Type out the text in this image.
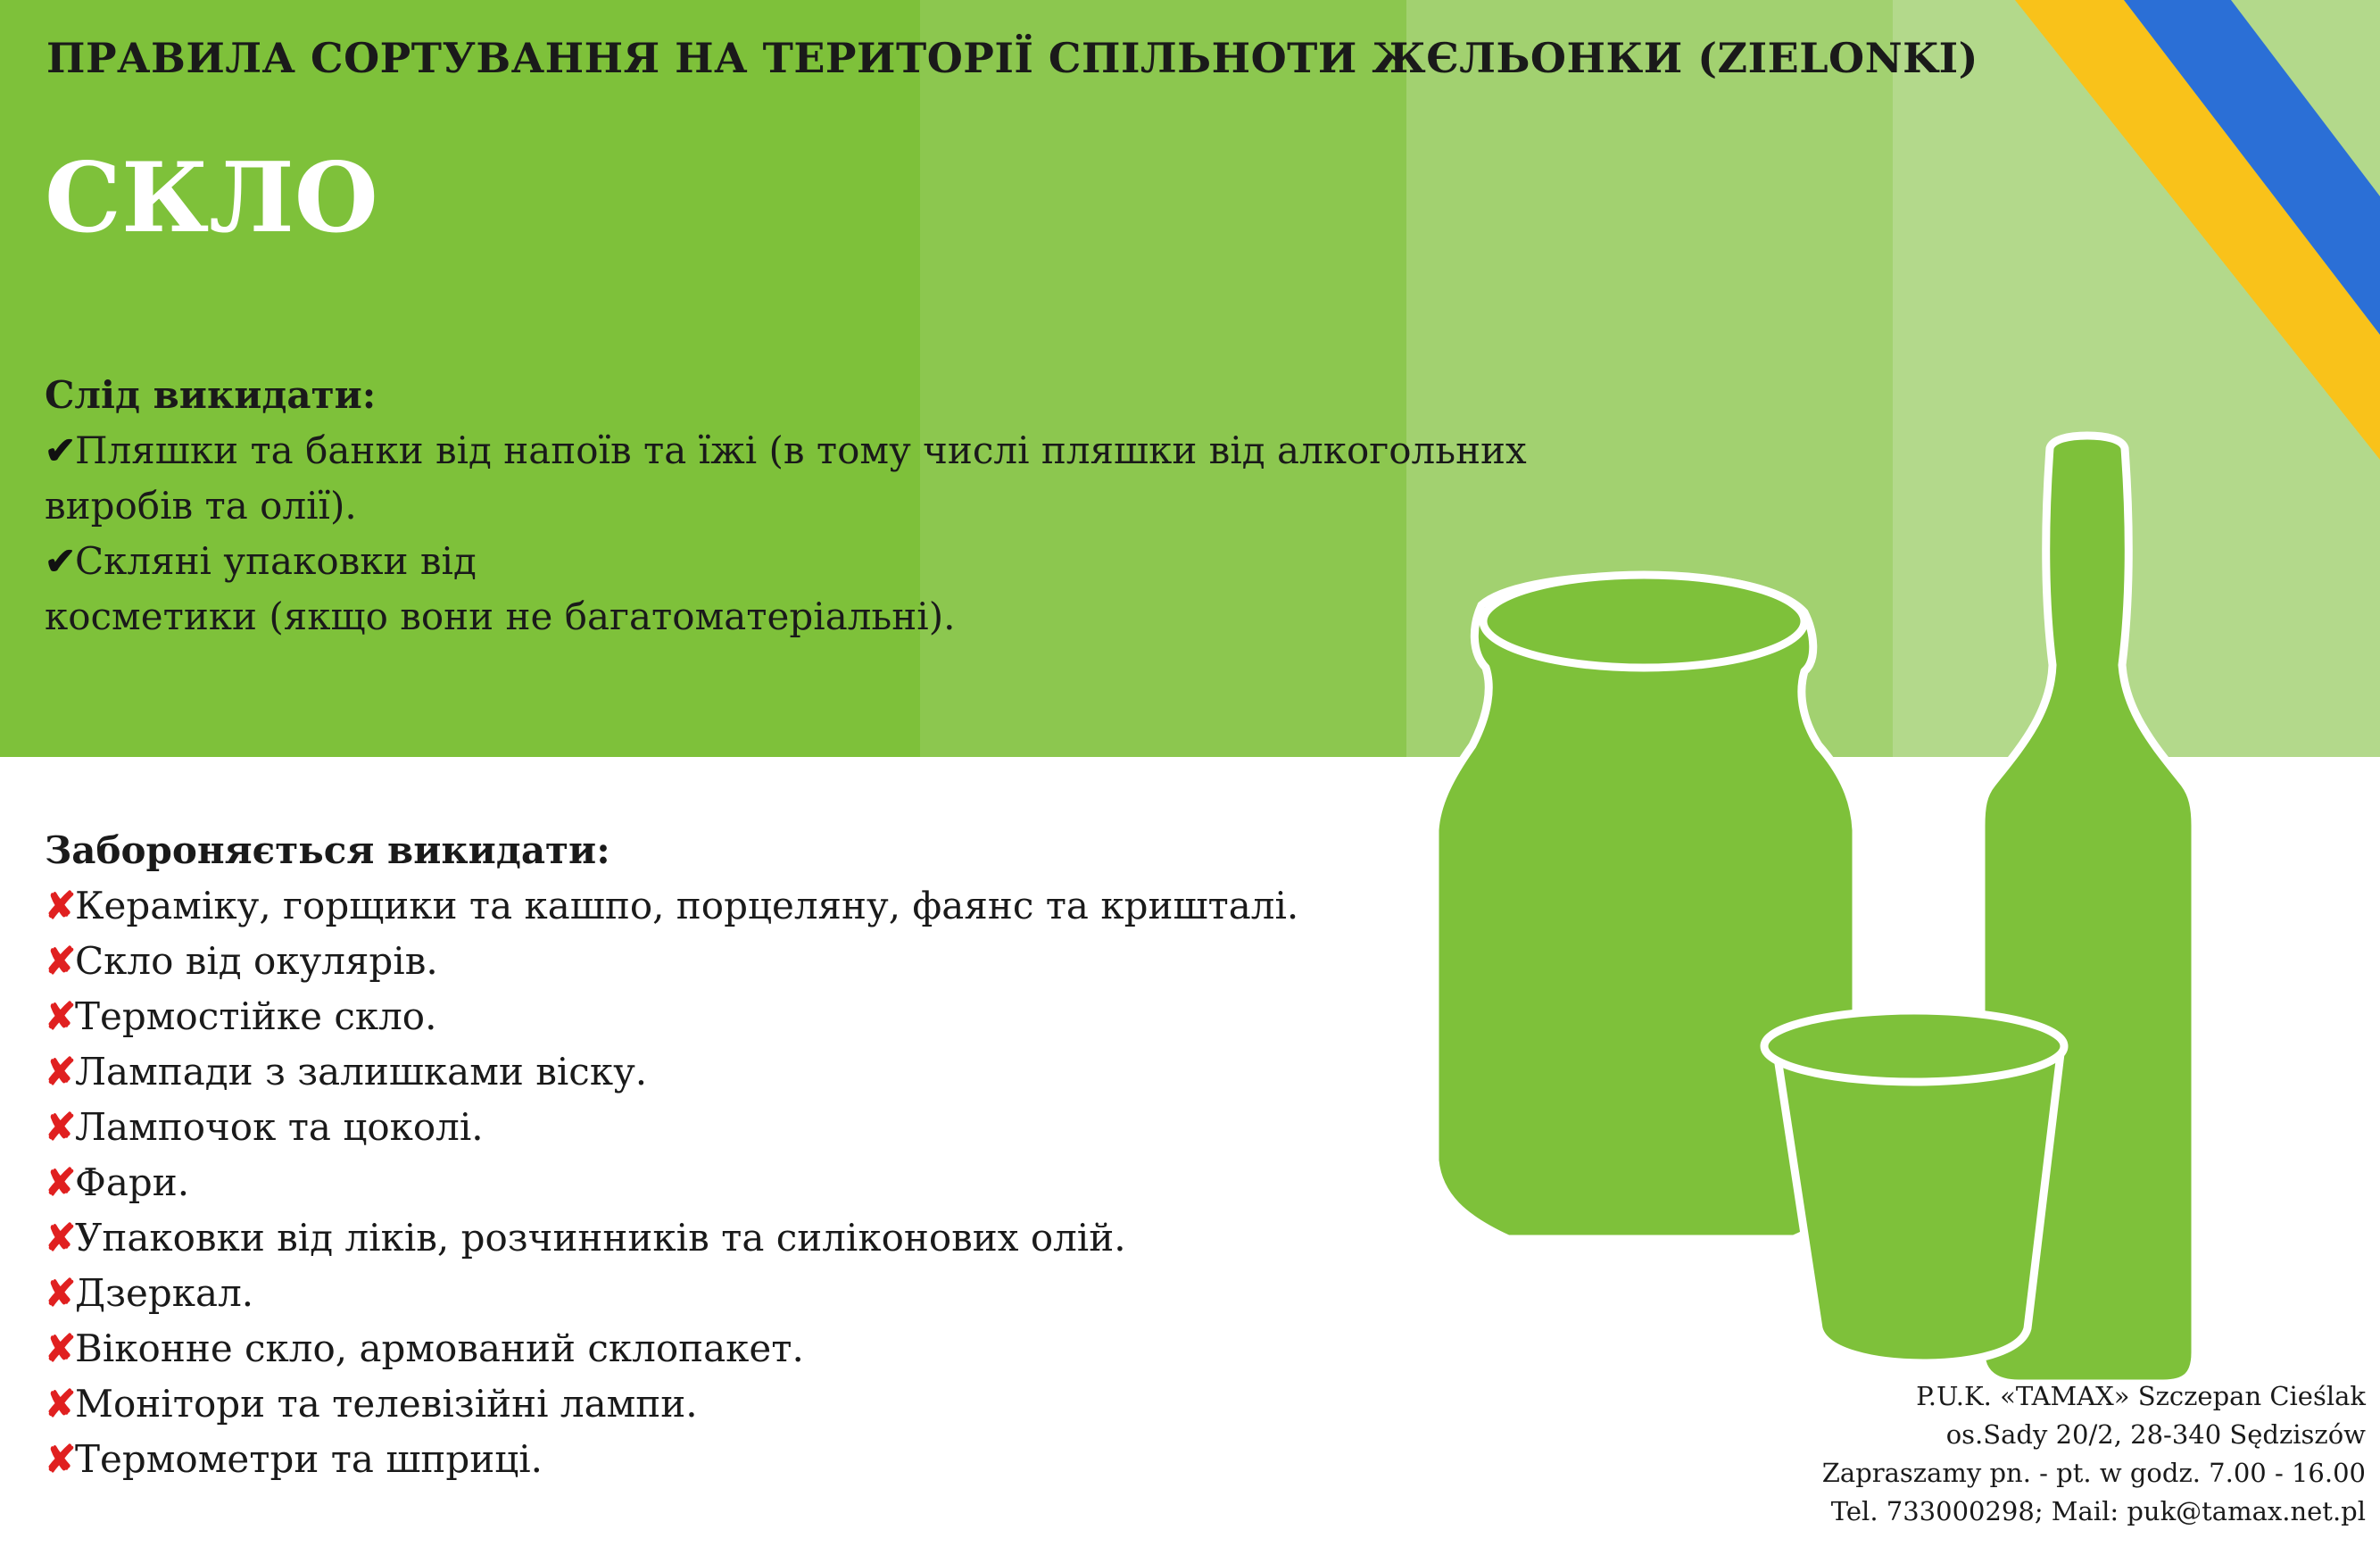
ПРАВИЛА СОРТУВАННЯ НА ТЕРИТОРІЇ СПІЛЬНОТИ ЖЄЛЬОНКИ (ZIELONKI)
СКЛО
Слід викидати:
✔
Пляшки та банки від напоїв та їжі (в тому числі пляшки від алкогольних
виробів та олії).
✔
Скляні упаковки від
косметики (якщо вони не багатоматеріальні).
Забороняється викидати:
✘
Кераміку, горщики та кашпо, порцеляну, фаянс та кришталі.
✘
Скло від окулярів.
✘
Термостійке скло.
✘
Лампади з залишками віску.
✘
Лампочок та цоколі.
✘
Фари.
✘
Упаковки від ліків, розчинників та силіконових олій.
✘
Дзеркал.
✘
Віконне скло, армований склопакет.
✘
Монітори та телевізійні лампи.
✘
Термометри та шприці.
P.U.K. «TAMAX» Szczepan Cieślak
os.Sady 20/2, 28-340 Sędziszów
Zapraszamy pn. - pt. w godz. 7.00 - 16.00
Tel. 733000298; Mail: puk@tamax.net.pl
